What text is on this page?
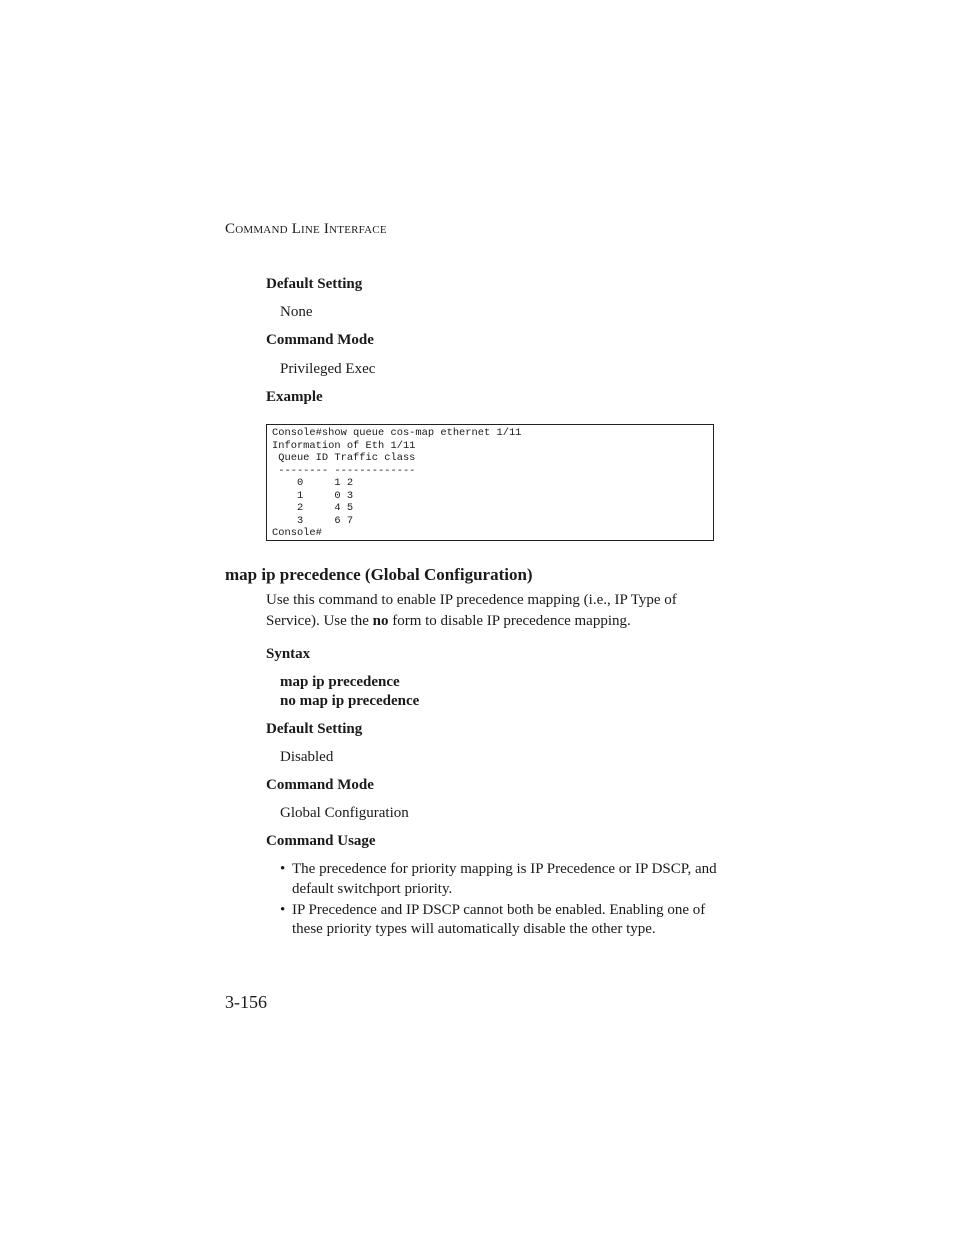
Command Line Interface
Default Setting
None
Command Mode
Privileged Exec
Example
Console#show queue cos-map ethernet 1/11
Information of Eth 1/11
Queue ID Traffic class
-------- -------------
0     1 2
1     0 3
2     4 5
3     6 7
Console#
map ip precedence (Global Configuration)
Use this command to enable IP precedence mapping (i.e., IP Type of Service). Use the no form to disable IP precedence mapping.
Syntax
map ip precedence
no map ip precedence
Default Setting
Disabled
Command Mode
Global Configuration
Command Usage
• The precedence for priority mapping is IP Precedence or IP DSCP, and default switchport priority.
• IP Precedence and IP DSCP cannot both be enabled. Enabling one of these priority types will automatically disable the other type.
3-156
